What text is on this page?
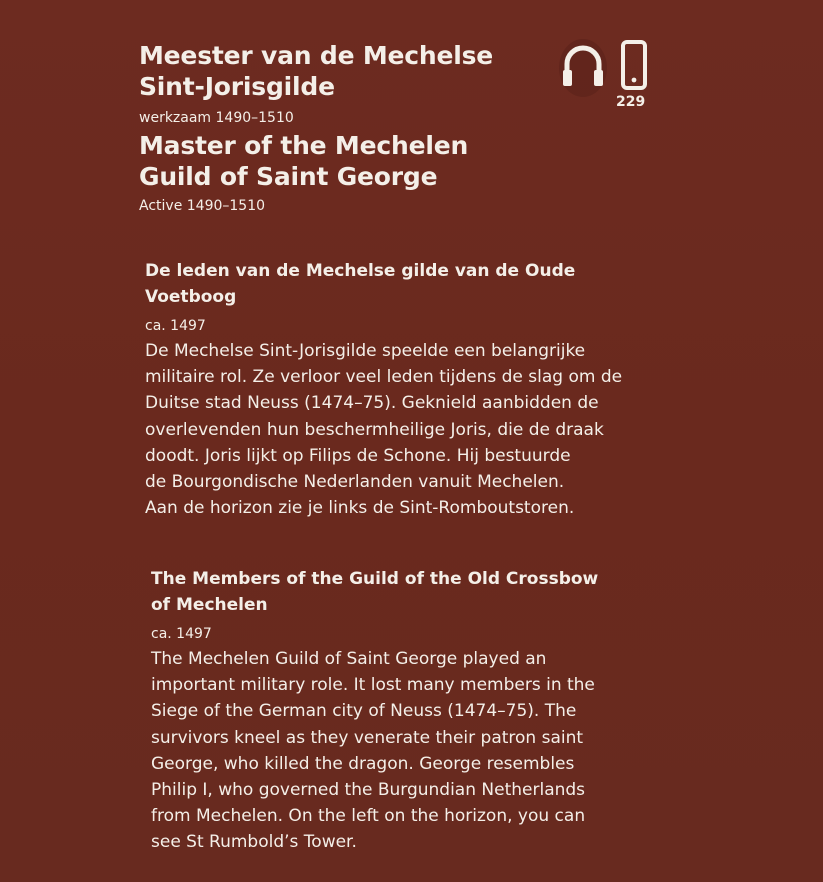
Meester van de Mechelse
Sint-Jorisgilde

werkzaam 1490–1510

Master of the Mechelen
Guild of Saint George

Active 1490–1510

229

De leden van de Mechelse gilde van de Oude
Voetboog

ca. 1497

De Mechelse Sint-Jorisgilde speelde een belangrijke
militaire rol. Ze verloor veel leden tijdens de slag om de
Duitse stad Neuss (1474–75). Geknield aanbidden de
overlevenden hun beschermheilige Joris, die de draak
doodt. Joris lijkt op Filips de Schone. Hij bestuurde
de Bourgondische Nederlanden vanuit Mechelen.
Aan de horizon zie je links de Sint-Romboutstoren.

The Members of the Guild of the Old Crossbow
of Mechelen

ca. 1497

The Mechelen Guild of Saint George played an
important military role. It lost many members in the
Siege of the German city of Neuss (1474–75). The
survivors kneel as they venerate their patron saint
George, who killed the dragon. George resembles
Philip I, who governed the Burgundian Netherlands
from Mechelen. On the left on the horizon, you can
see St Rumbold’s Tower.
